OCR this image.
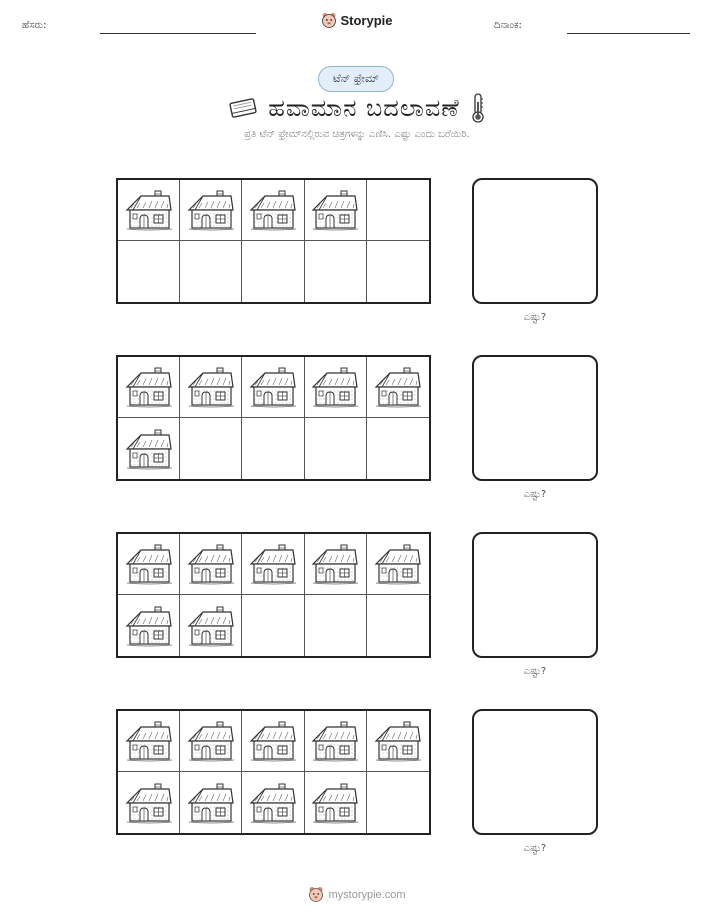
ಹೆಸರು:	Storypie	ದಿನಾಂಕ:
ಟೆನ್ ಫ್ರೇಮ್
ಹವಾಮಾನ ಬದಲಾವಣೆ
ಪ್ರತಿ ಟೆನ್ ಫ್ರೇಮ್‌ನಲ್ಲಿರುವ ಚಿತ್ರಗಳನ್ನು ಎಣಿಸಿ. ಎಷ್ಟು ಎಂದು ಬರೆಯಿರಿ.
ಎಷ್ಟು?
ಎಷ್ಟು?
ಎಷ್ಟು?
ಎಷ್ಟು?
mystorypie.com
